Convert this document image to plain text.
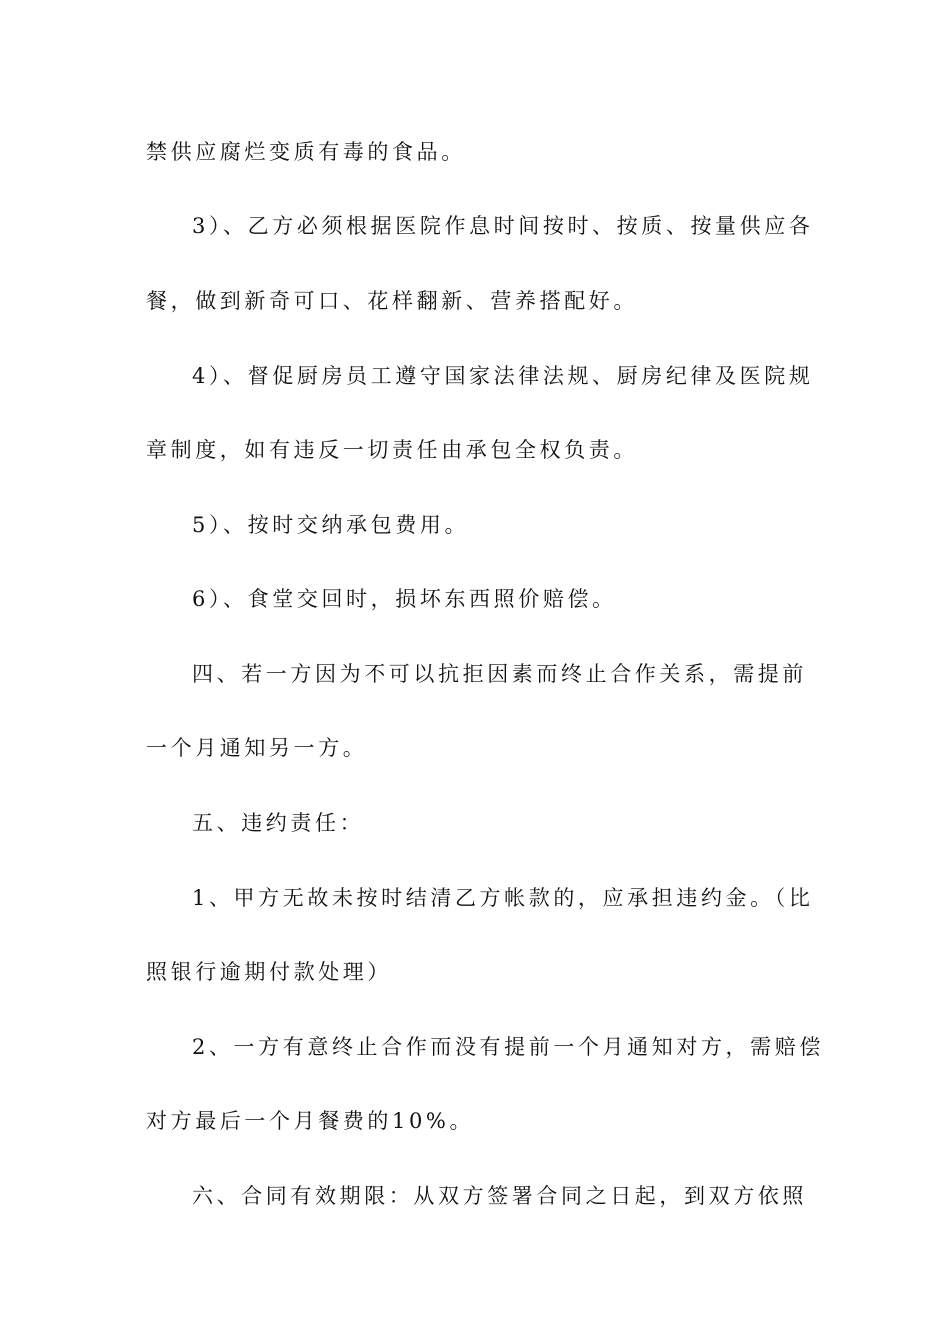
禁供应腐烂变质有毒的食品。
3）、乙方必须根据医院作息时间按时、按质、按量供应各
餐，做到新奇可口、花样翻新、营养搭配好。
4）、督促厨房员工遵守国家法律法规、厨房纪律及医院规
章制度，如有违反一切责任由承包全权负责。
5）、按时交纳承包费用。
6）、食堂交回时，损坏东西照价赔偿。
四、若一方因为不可以抗拒因素而终止合作关系，需提前
一个月通知另一方。
五、违约责任：
1、甲方无故未按时结清乙方帐款的，应承担违约金。（比
照银行逾期付款处理）
2、一方有意终止合作而没有提前一个月通知对方，需赔偿
对方最后一个月餐费的10%。
六、合同有效期限：从双方签署合同之日起，到双方依照
